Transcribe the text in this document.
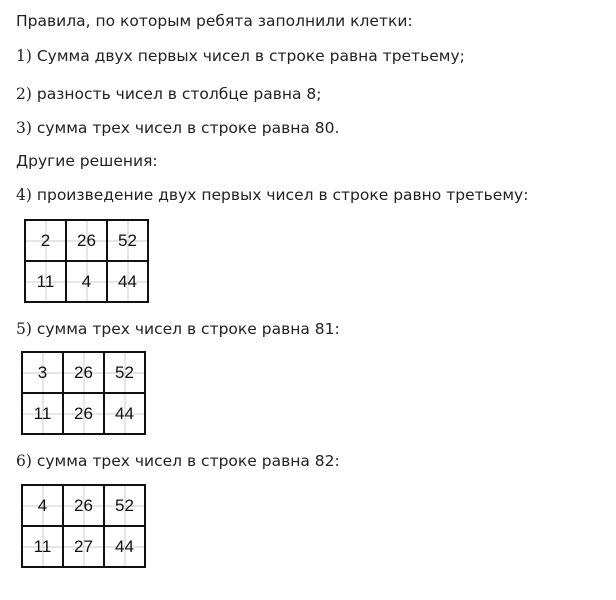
Правила, по которым ребята заполнили клетки:
1) Сумма двух первых чисел в строке равна третьему;
2) разность чисел в столбце равна 8;
3) сумма трех чисел в строке равна 80.
Другие решения:
4) произведение двух первых чисел в строке равно третьему:
2	26	52
11	4	44
5) сумма трех чисел в строке равна 81:
3	26	52
11	26	44
6) сумма трех чисел в строке равна 82:
4	26	52
11	27	44
